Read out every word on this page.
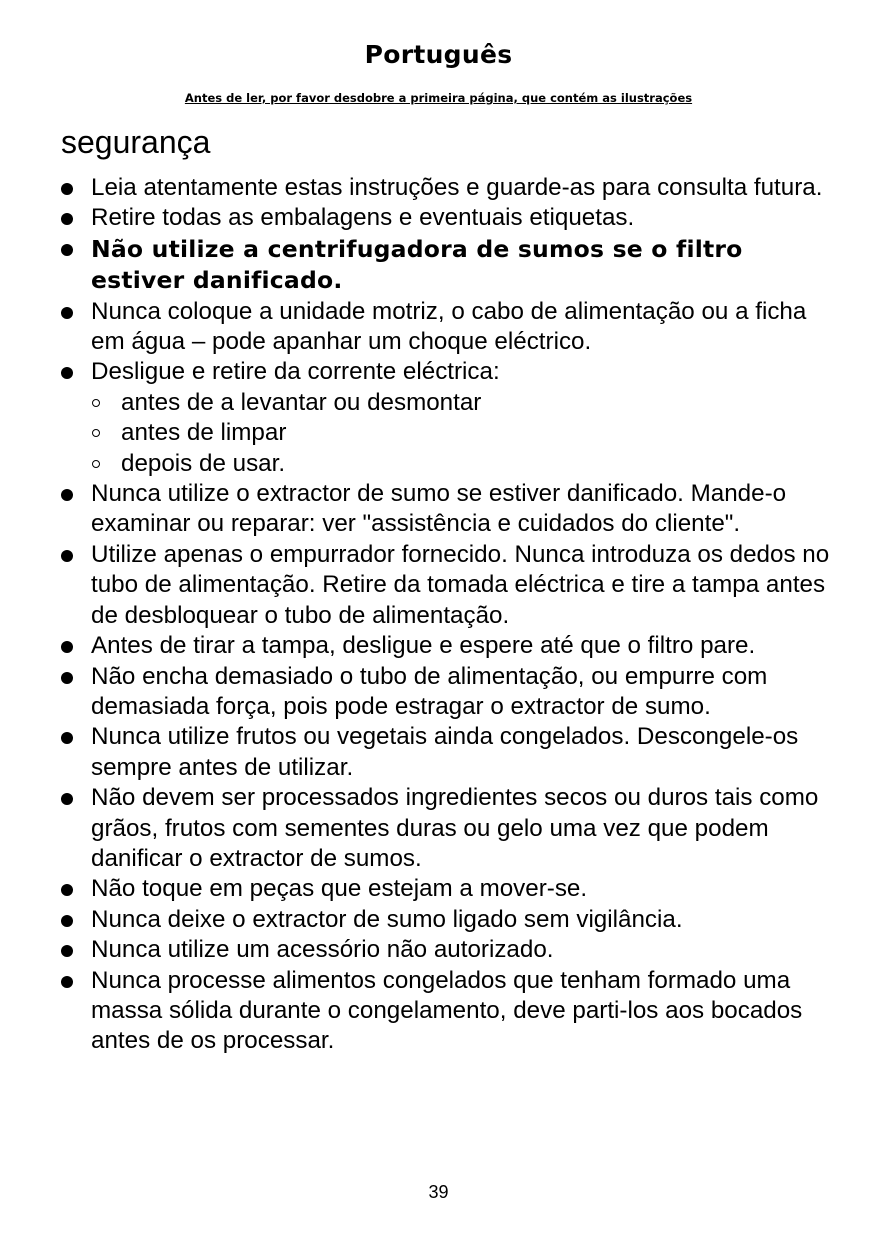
Português
Antes de ler, por favor desdobre a primeira página, que contém as ilustrações
segurança
Leia atentamente estas instruções e guarde-as para consulta futura.
Retire todas as embalagens e eventuais etiquetas.
Não utilize a centrifugadora de sumos se o filtro estiver danificado.
Nunca coloque a unidade motriz, o cabo de alimentação ou a ficha em água – pode apanhar um choque eléctrico.
Desligue e retire da corrente eléctrica:
antes de a levantar ou desmontar
antes de limpar
depois de usar.
Nunca utilize o extractor de sumo se estiver danificado. Mande-o examinar ou reparar: ver "assistência e cuidados do cliente".
Utilize apenas o empurrador fornecido. Nunca introduza os dedos no tubo de alimentação. Retire da tomada eléctrica e tire a tampa antes de desbloquear o tubo de alimentação.
Antes de tirar a tampa, desligue e espere até que o filtro pare.
Não encha demasiado o tubo de alimentação, ou empurre com demasiada força, pois pode estragar o extractor de sumo.
Nunca utilize frutos ou vegetais ainda congelados. Descongele-os sempre antes de utilizar.
Não devem ser processados ingredientes secos ou duros tais como grãos, frutos com sementes duras ou gelo uma vez que podem danificar o extractor de sumos.
Não toque em peças que estejam a mover-se.
Nunca deixe o extractor de sumo ligado sem vigilância.
Nunca utilize um acessório não autorizado.
Nunca processe alimentos congelados que tenham formado uma massa sólida durante o congelamento, deve parti-los aos bocados antes de os processar.
39
